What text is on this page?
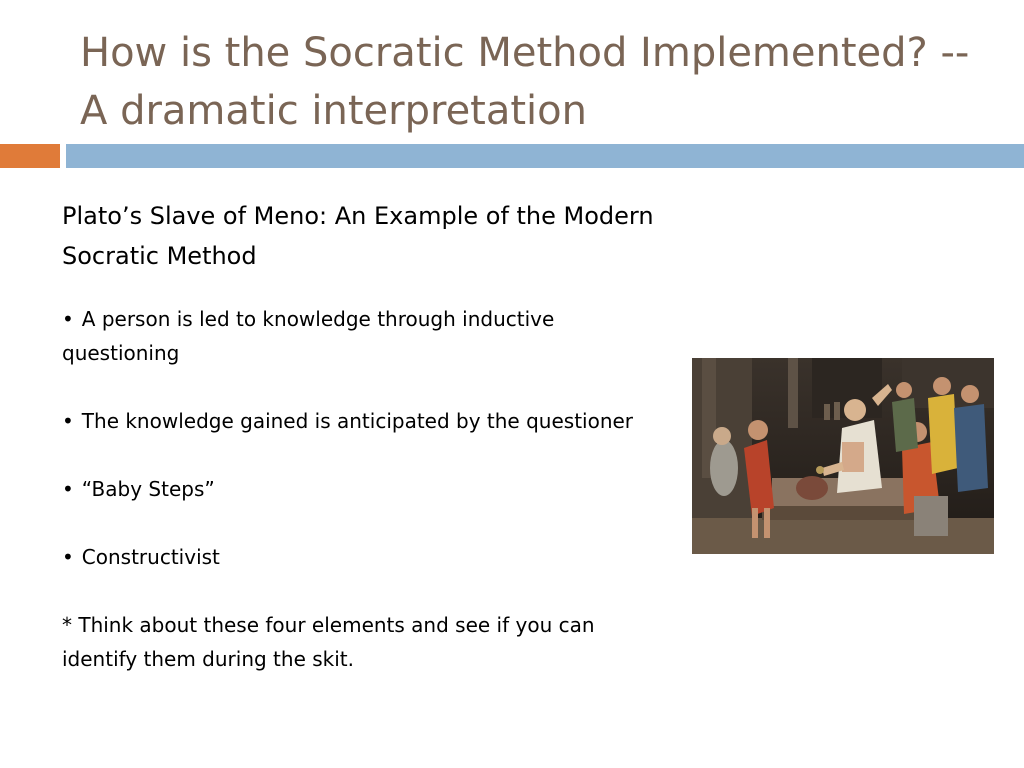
How is the Socratic Method Implemented? -- A dramatic interpretation

Plato’s Slave of Meno: An Example of the Modern Socratic Method

• A person is led to knowledge through inductive questioning

• The knowledge gained is anticipated by the questioner

• “Baby Steps”

• Constructivist

* Think about these four elements and see if you can identify them during the skit.
